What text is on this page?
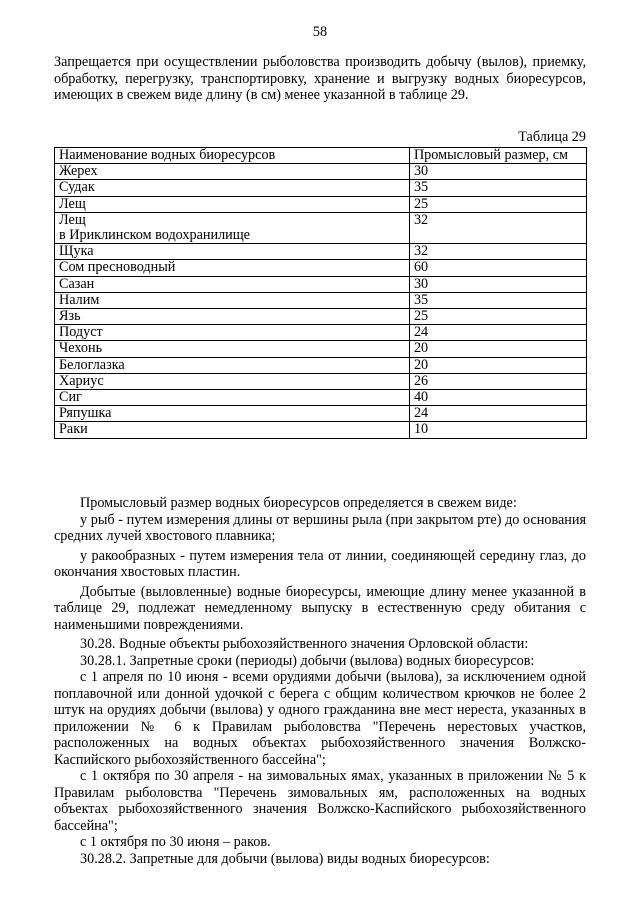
58
Запрещается при осуществлении рыболовства производить добычу (вылов), приемку, обработку, перегрузку, транспортировку, хранение и выгрузку водных биоресурсов, имеющих в свежем виде длину (в см) менее указанной в таблице 29.
Таблица 29
Наименование водных биоресурсов	Промысловый размер, см
Жерех	30
Судак	35
Лещ	25

Лещ
в Ириклинском водохранилище	32
Щука	32
Сом пресноводный	60
Сазан	30
Налим	35
Язь	25
Подуст	24
Чехонь	20
Белоглазка	20
Хариус	26
Сиг	40
Ряпушка	24
Раки	10

Промысловый размер водных биоресурсов определяется в свежем виде:

у рыб - путем измерения длины от вершины рыла (при закрытом рте) до основания средних лучей хвостового плавника;

у ракообразных - путем измерения тела от линии, соединяющей середину глаз, до окончания хвостовых пластин.

Добытые (выловленные) водные биоресурсы, имеющие длину менее указанной в таблице 29, подлежат немедленному выпуску в естественную среду обитания с наименьшими повреждениями.

30.28. Водные объекты рыбохозяйственного значения Орловской области:

30.28.1. Запретные сроки (периоды) добычи (вылова) водных биоресурсов:

с 1 апреля по 10 июня - всеми орудиями добычи (вылова), за исключением одной поплавочной или донной удочкой с берега с общим количеством крючков не более 2 штук на орудиях добычи (вылова) у одного гражданина вне мест нереста, указанных в приложении № 6 к Правилам рыболовства "Перечень нерестовых участков, расположенных на водных объектах рыбохозяйственного значения Волжско-Каспийского рыбохозяйственного бассейна";

с 1 октября по 30 апреля - на зимовальных ямах, указанных в приложении № 5 к Правилам рыболовства "Перечень зимовальных ям, расположенных на водных объектах рыбохозяйственного значения Волжско-Каспийского рыбохозяйственного бассейна";

с 1 октября по 30 июня – раков.

30.28.2. Запретные для добычи (вылова) виды водных биоресурсов:
